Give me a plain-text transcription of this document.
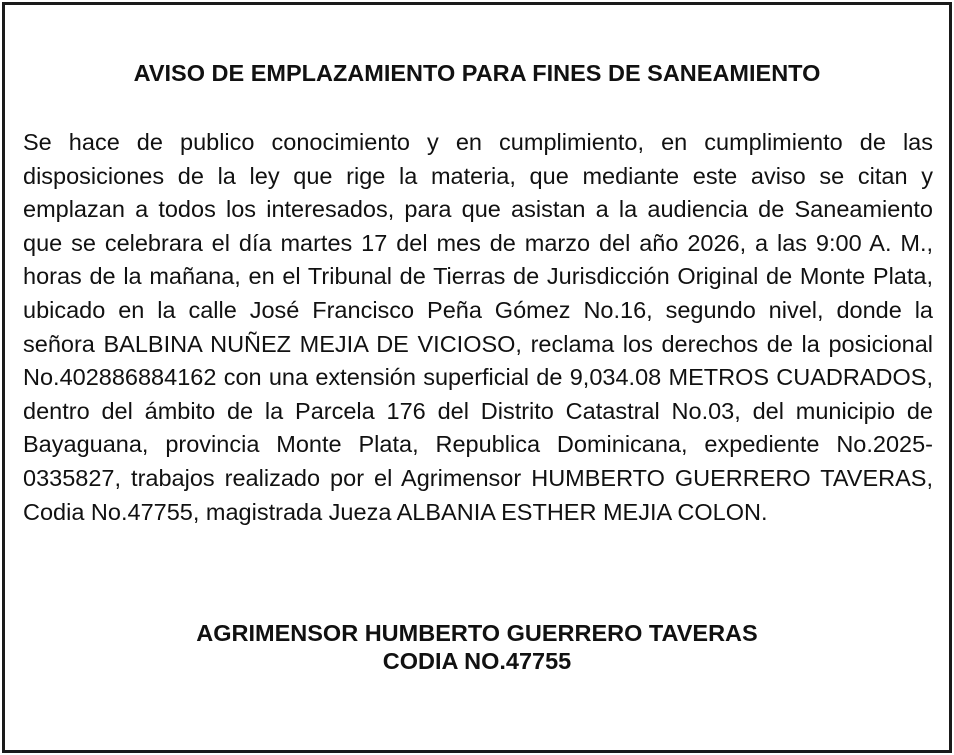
AVISO DE EMPLAZAMIENTO PARA FINES DE SANEAMIENTO

Se hace de publico conocimiento y en cumplimiento, en cumplimiento de las disposiciones de la ley que rige la materia, que mediante este aviso se citan y emplazan a todos los interesados, para que asistan a la audiencia de Saneamiento que se celebrara el día martes 17 del mes de marzo del año 2026, a las 9:00 A. M., horas de la mañana, en el Tribunal de Tierras de Jurisdicción Original de Monte Plata, ubicado en la calle José Francisco Peña Gómez No.16, segundo nivel, donde la señora BALBINA NUÑEZ MEJIA DE VICIOSO, reclama los derechos de la posicional No.402886884162 con una extensión superficial de 9,034.08 METROS CUADRADOS, dentro del ámbito de la Parcela 176 del Distrito Catastral No.03, del municipio de Bayaguana, provincia Monte Plata, Republica Dominicana, expediente No.2025-0335827, trabajos realizado por el Agrimensor HUMBERTO GUERRERO TAVERAS, Codia No.47755, magistrada Jueza ALBANIA ESTHER MEJIA COLON.

AGRIMENSOR HUMBERTO GUERRERO TAVERAS
CODIA NO.47755
